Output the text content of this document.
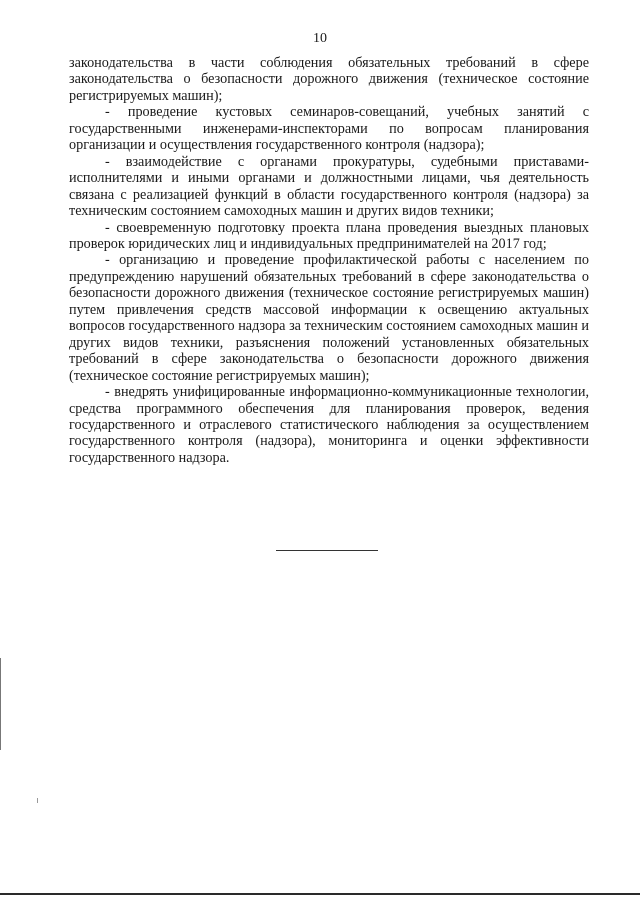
10

законодательства в части соблюдения обязательных требований в сфере законодательства о безопасности дорожного движения (техническое состояние регистрируемых машин);

- проведение кустовых семинаров-совещаний, учебных занятий с государственными инженерами-инспекторами по вопросам планирования организации и осуществления государственного контроля (надзора);

- взаимодействие с органами прокуратуры, судебными приставами-исполнителями и иными органами и должностными лицами, чья деятельность связана с реализацией функций в области государственного контроля (надзора) за техническим состоянием самоходных машин и других видов техники;

- своевременную подготовку проекта плана проведения выездных плановых проверок юридических лиц и индивидуальных предпринимателей на 2017 год;

- организацию и проведение профилактической работы с населением по предупреждению нарушений обязательных требований в сфере законодательства о безопасности дорожного движения (техническое состояние регистрируемых машин) путем привлечения средств массовой информации к освещению актуальных вопросов государственного надзора за техническим состоянием самоходных машин и других видов техники, разъяснения положений установленных обязательных требований в сфере законодательства о безопасности дорожного движения (техническое состояние регистрируемых машин);

- внедрять унифицированные информационно-коммуникационные технологии, средства программного обеспечения для планирования проверок, ведения государственного и отраслевого статистического наблюдения за осуществлением государственного контроля (надзора), мониторинга и оценки эффективности государственного надзора.
